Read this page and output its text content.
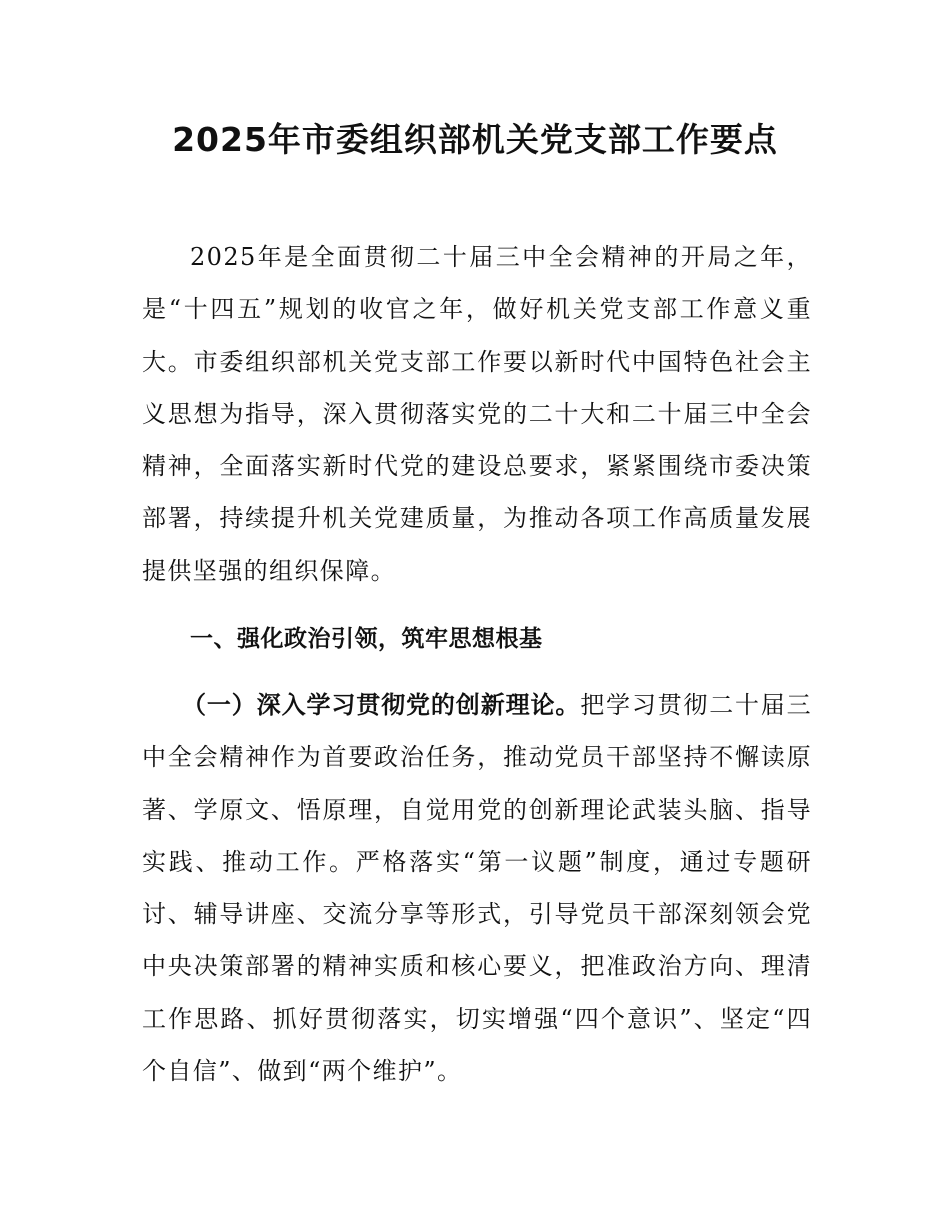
2025年市委组织部机关党支部工作要点

2025年是全面贯彻二十届三中全会精神的开局之年，是“十四五”规划的收官之年，做好机关党支部工作意义重大。市委组织部机关党支部工作要以新时代中国特色社会主义思想为指导，深入贯彻落实党的二十大和二十届三中全会精神，全面落实新时代党的建设总要求，紧紧围绕市委决策部署，持续提升机关党建质量，为推动各项工作高质量发展提供坚强的组织保障。

一、强化政治引领，筑牢思想根基

（一）深入学习贯彻党的创新理论。把学习贯彻二十届三中全会精神作为首要政治任务，推动党员干部坚持不懈读原著、学原文、悟原理，自觉用党的创新理论武装头脑、指导实践、推动工作。严格落实“第一议题”制度，通过专题研讨、辅导讲座、交流分享等形式，引导党员干部深刻领会党中央决策部署的精神实质和核心要义，把准政治方向、理清工作思路、抓好贯彻落实，切实增强“四个意识”、坚定“四个自信”、做到“两个维护”。
